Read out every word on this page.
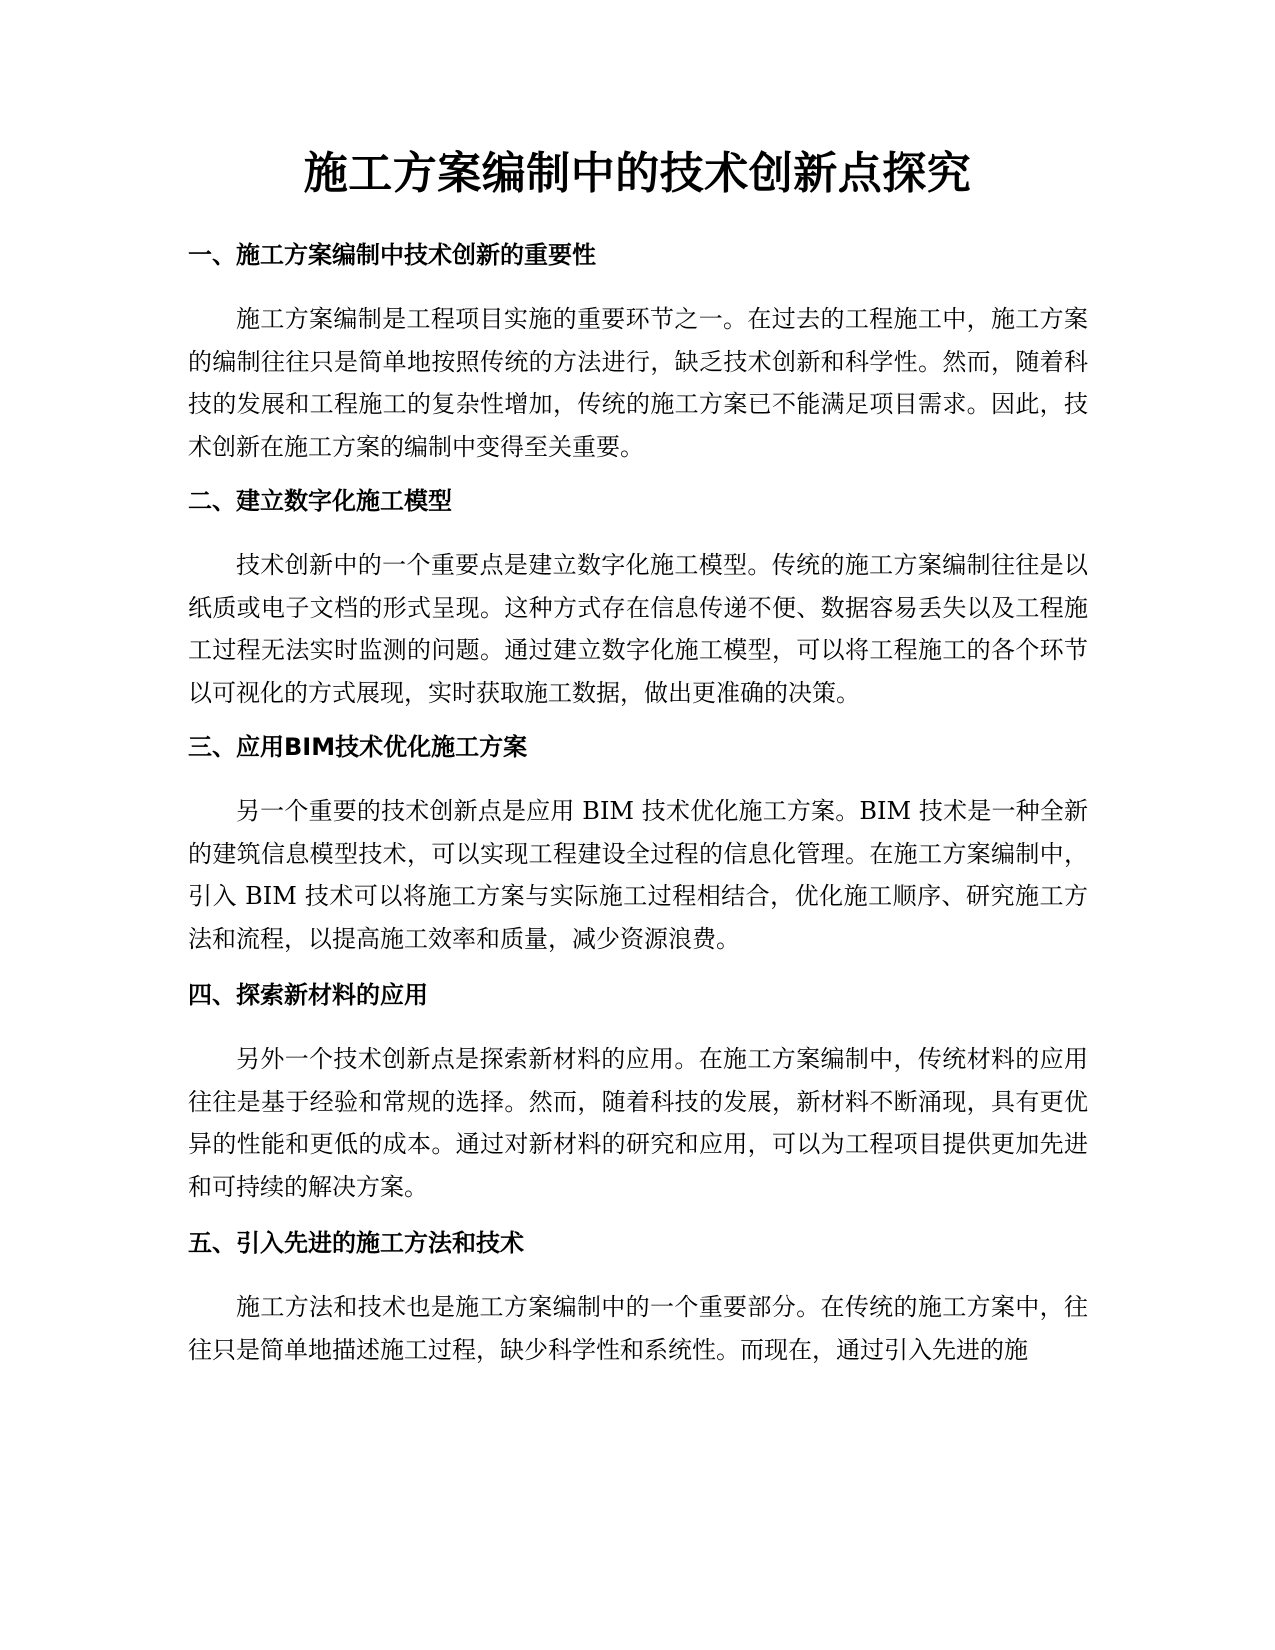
施工方案编制中的技术创新点探究
一、施工方案编制中技术创新的重要性

施工方案编制是工程项目实施的重要环节之一。在过去的工程施工中，施工方案的编制往往只是简单地按照传统的方法进行，缺乏技术创新和科学性。然而，随着科技的发展和工程施工的复杂性增加，传统的施工方案已不能满足项目需求。因此，技术创新在施工方案的编制中变得至关重要。

二、建立数字化施工模型

技术创新中的一个重要点是建立数字化施工模型。传统的施工方案编制往往是以纸质或电子文档的形式呈现。这种方式存在信息传递不便、数据容易丢失以及工程施工过程无法实时监测的问题。通过建立数字化施工模型，可以将工程施工的各个环节以可视化的方式展现，实时获取施工数据，做出更准确的决策。

三、应用BIM技术优化施工方案

另一个重要的技术创新点是应用 BIM 技术优化施工方案。BIM 技术是一种全新的建筑信息模型技术，可以实现工程建设全过程的信息化管理。在施工方案编制中，引入 BIM 技术可以将施工方案与实际施工过程相结合，优化施工顺序、研究施工方法和流程，以提高施工效率和质量，减少资源浪费。

四、探索新材料的应用

另外一个技术创新点是探索新材料的应用。在施工方案编制中，传统材料的应用往往是基于经验和常规的选择。然而，随着科技的发展，新材料不断涌现，具有更优异的性能和更低的成本。通过对新材料的研究和应用，可以为工程项目提供更加先进和可持续的解决方案。

五、引入先进的施工方法和技术

施工方法和技术也是施工方案编制中的一个重要部分。在传统的施工方案中，往往只是简单地描述施工过程，缺少科学性和系统性。而现在，通过引入先进的施
